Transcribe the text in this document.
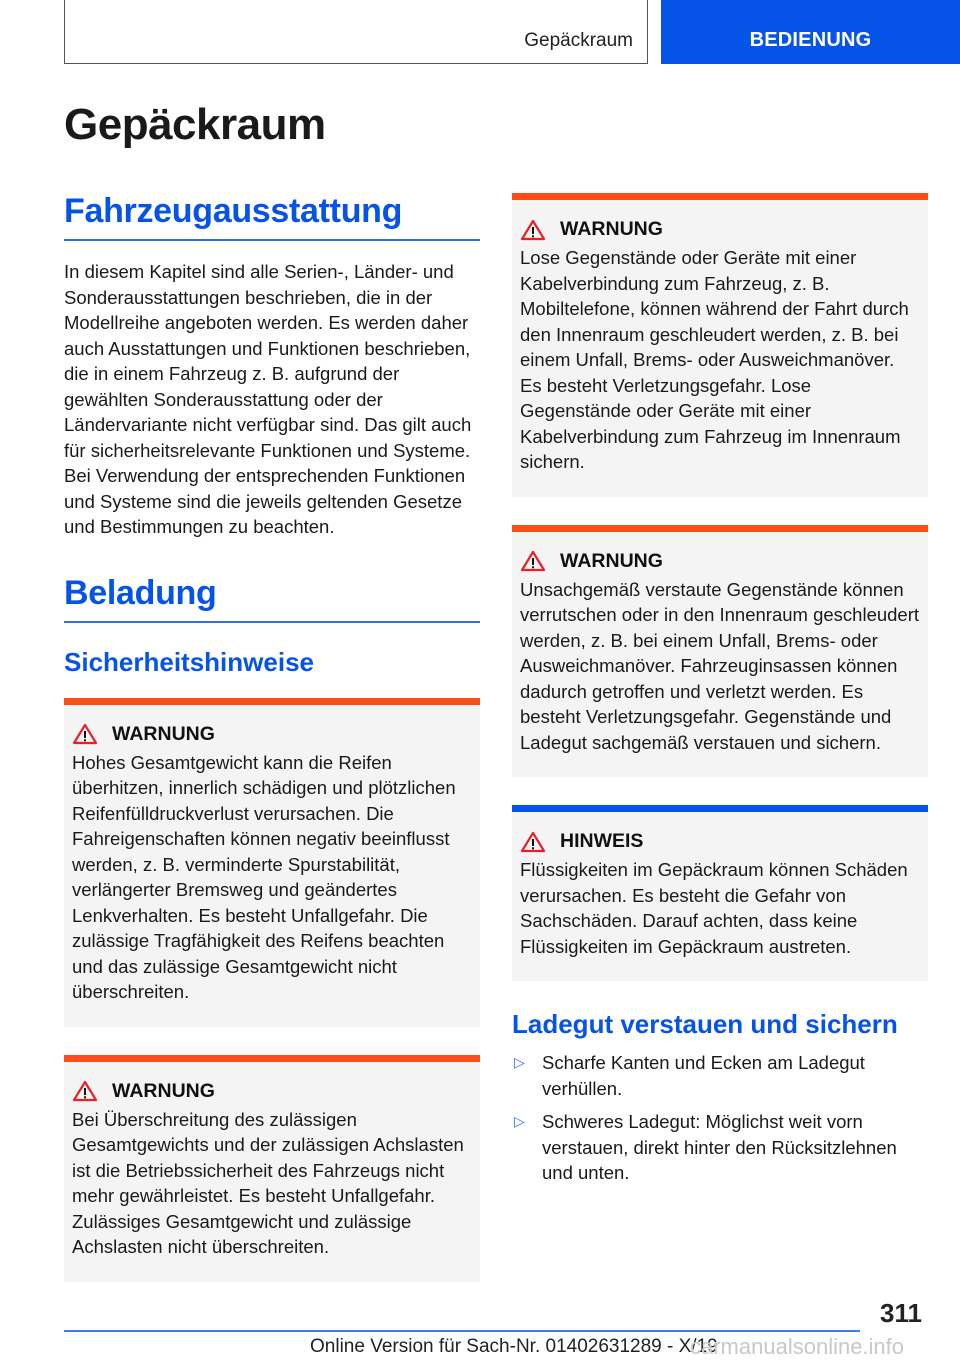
Gepäckraum	BEDIENUNG
Gepäckraum
Fahrzeugausstattung

In diesem Kapitel sind alle Serien-, Länder- und Sonderausstattungen beschrieben, die in der Modellreihe angeboten werden. Es werden daher auch Ausstattungen und Funktionen beschrieben, die in einem Fahrzeug z. B. aufgrund der gewählten Sonderausstattung oder der Ländervariante nicht verfügbar sind. Das gilt auch für sicherheitsrelevante Funktionen und Systeme. Bei Verwendung der entsprechenden Funktionen und Systeme sind die jeweils geltenden Gesetze und Bestimmungen zu beachten.

Beladung
Sicherheitshinweise
WARNUNG

Hohes Gesamtgewicht kann die Reifen überhitzen, innerlich schädigen und plötzlichen Reifenfülldruckverlust verursachen. Die Fahreigenschaften können negativ beeinflusst werden, z. B. verminderte Spurstabilität, verlängerter Bremsweg und geändertes Lenkverhalten. Es besteht Unfallgefahr. Die zulässige Tragfähigkeit des Reifens beachten und das zulässige Gesamtgewicht nicht überschreiten.

WARNUNG

Bei Überschreitung des zulässigen Gesamtgewichts und der zulässigen Achslasten ist die Betriebssicherheit des Fahrzeugs nicht mehr gewährleistet. Es besteht Unfallgefahr. Zulässiges Gesamtgewicht und zulässige Achslasten nicht überschreiten.

WARNUNG

Lose Gegenstände oder Geräte mit einer Kabelverbindung zum Fahrzeug, z. B. Mobiltelefone, können während der Fahrt durch den Innenraum geschleudert werden, z. B. bei einem Unfall, Brems- oder Ausweichmanöver. Es besteht Verletzungsgefahr. Lose Gegenstände oder Geräte mit einer Kabelverbindung zum Fahrzeug im Innenraum sichern.

WARNUNG

Unsachgemäß verstaute Gegenstände können verrutschen oder in den Innenraum geschleudert werden, z. B. bei einem Unfall, Brems- oder Ausweichmanöver. Fahrzeuginsassen können dadurch getroffen und verletzt werden. Es besteht Verletzungsgefahr. Gegenstände und Ladegut sachgemäß verstauen und sichern.

HINWEIS

Flüssigkeiten im Gepäckraum können Schäden verursachen. Es besteht die Gefahr von Sachschäden. Darauf achten, dass keine Flüssigkeiten im Gepäckraum austreten.

Ladegut verstauen und sichern
▷ Scharfe Kanten und Ecken am Ladegut verhüllen.
▷ Schweres Ladegut: Möglichst weit vorn verstauen, direkt hinter den Rücksitzlehnen und unten.
311
Online Version für Sach-Nr. 01402631289 - X/19
carmanualsonline.info
